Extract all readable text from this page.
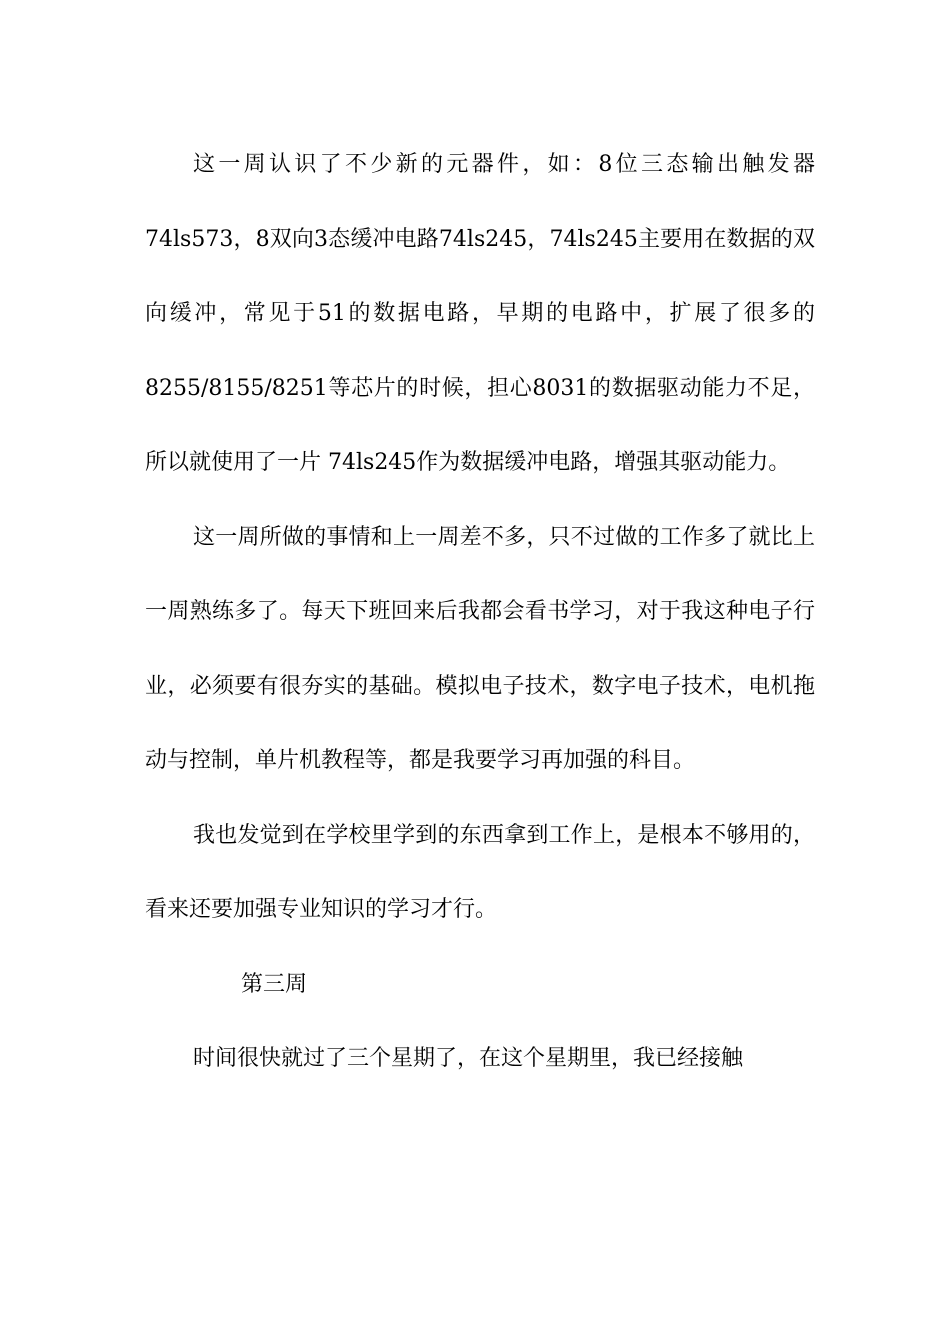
这一周认识了不少新的元器件，如：8位三态输出触发器74ls573，8双向3态缓冲电路74ls245，74ls245主要用在数据的双向缓冲，常见于51的数据电路，早期的电路中，扩展了很多的8255/8155/8251等芯片的时候，担心8031的数据驱动能力不足，所以就使用了一片 74ls245作为数据缓冲电路，增强其驱动能力。

这一周所做的事情和上一周差不多，只不过做的工作多了就比上一周熟练多了。每天下班回来后我都会看书学习，对于我这种电子行业，必须要有很夯实的基础。模拟电子技术，数字电子技术，电机拖动与控制，单片机教程等，都是我要学习再加强的科目。

我也发觉到在学校里学到的东西拿到工作上，是根本不够用的，看来还要加强专业知识的学习才行。

第三周

时间很快就过了三个星期了，在这个星期里，我已经接触
